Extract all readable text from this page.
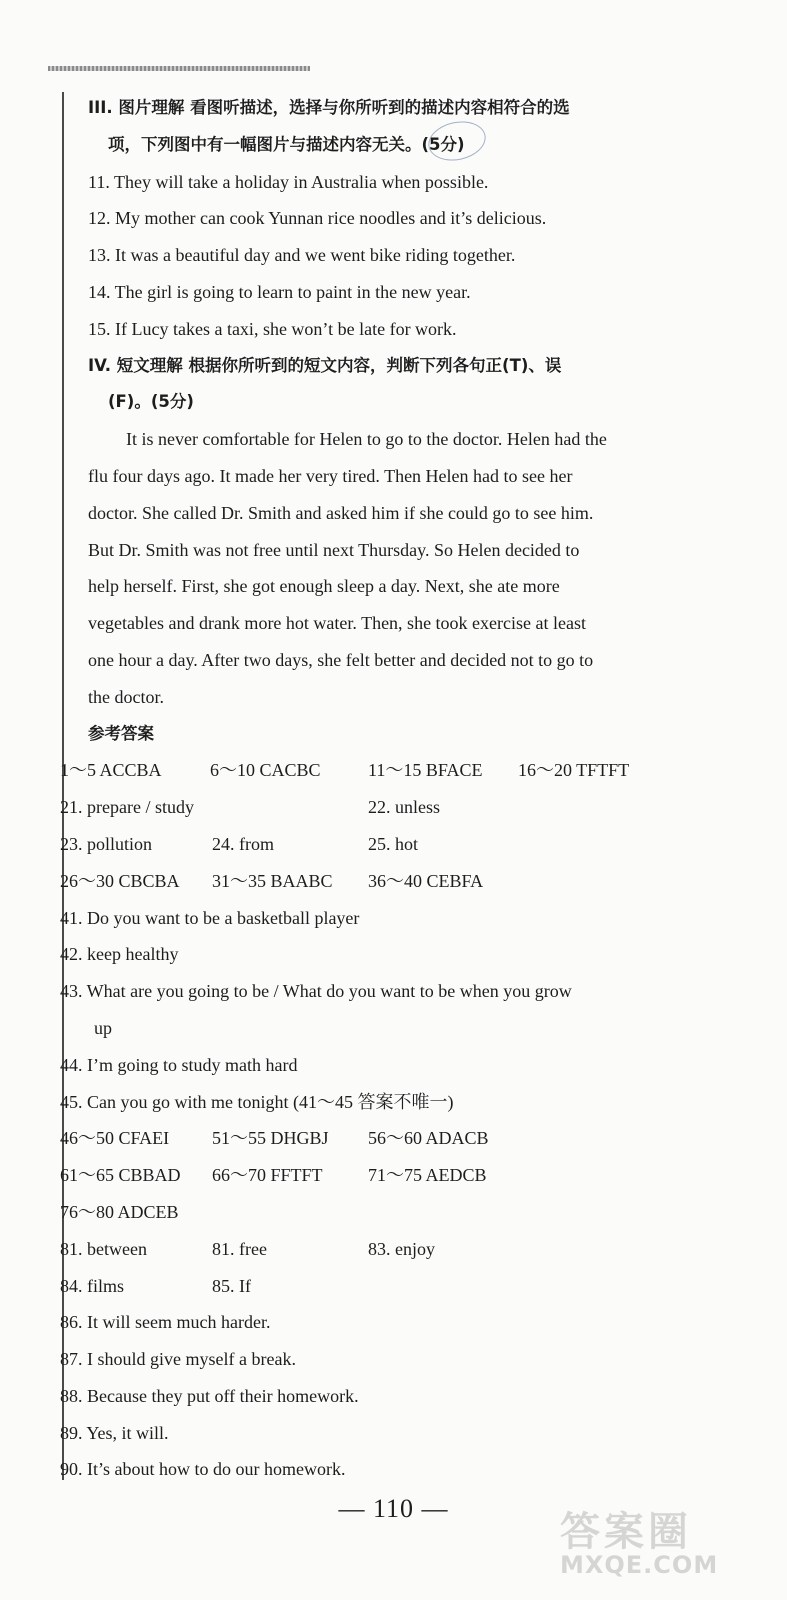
III. 图片理解 看图听描述，选择与你所听到的描述内容相符合的选
项，下列图中有一幅图片与描述内容无关。(5分)
11. They will take a holiday in Australia when possible.
12. My mother can cook Yunnan rice noodles and it’s delicious.
13. It was a beautiful day and we went bike riding together.
14. The girl is going to learn to paint in the new year.
15. If Lucy takes a taxi, she won’t be late for work.
IV. 短文理解 根据你所听到的短文内容，判断下列各句正(T)、误
(F)。(5分)
It is never comfortable for Helen to go to the doctor. Helen had the
flu four days ago. It made her very tired. Then Helen had to see her
doctor. She called Dr. Smith and asked him if she could go to see him.
But Dr. Smith was not free until next Thursday. So Helen decided to
help herself. First, she got enough sleep a day. Next, she ate more
vegetables and drank more hot water. Then, she took exercise at least
one hour a day. After two days, she felt better and decided not to go to
the doctor.
参考答案
1～5 ACCBA	6～10 CACBC	11～15 BFACE	16～20 TFTFT
21. prepare / study	22. unless
23. pollution	24. from	25. hot
26～30 CBCBA	31～35 BAABC	36～40 CEBFA
41. Do you want to be a basketball player
42. keep healthy
43. What are you going to be / What do you want to be when you grow
up
44. I’m going to study math hard
45. Can you go with me tonight (41～45 答案不唯一)
46～50 CFAEI	51～55 DHGBJ	56～60 ADACB
61～65 CBBAD	66～70 FFTFT	71～75 AEDCB
76～80 ADCEB
81. between	81. free	83. enjoy
84. films	85. If
86. It will seem much harder.
87. I should give myself a break.
88. Because they put off their homework.
89. Yes, it will.
90. It’s about how to do our homework.
— 110 —
答案圈
MXQE.COM
